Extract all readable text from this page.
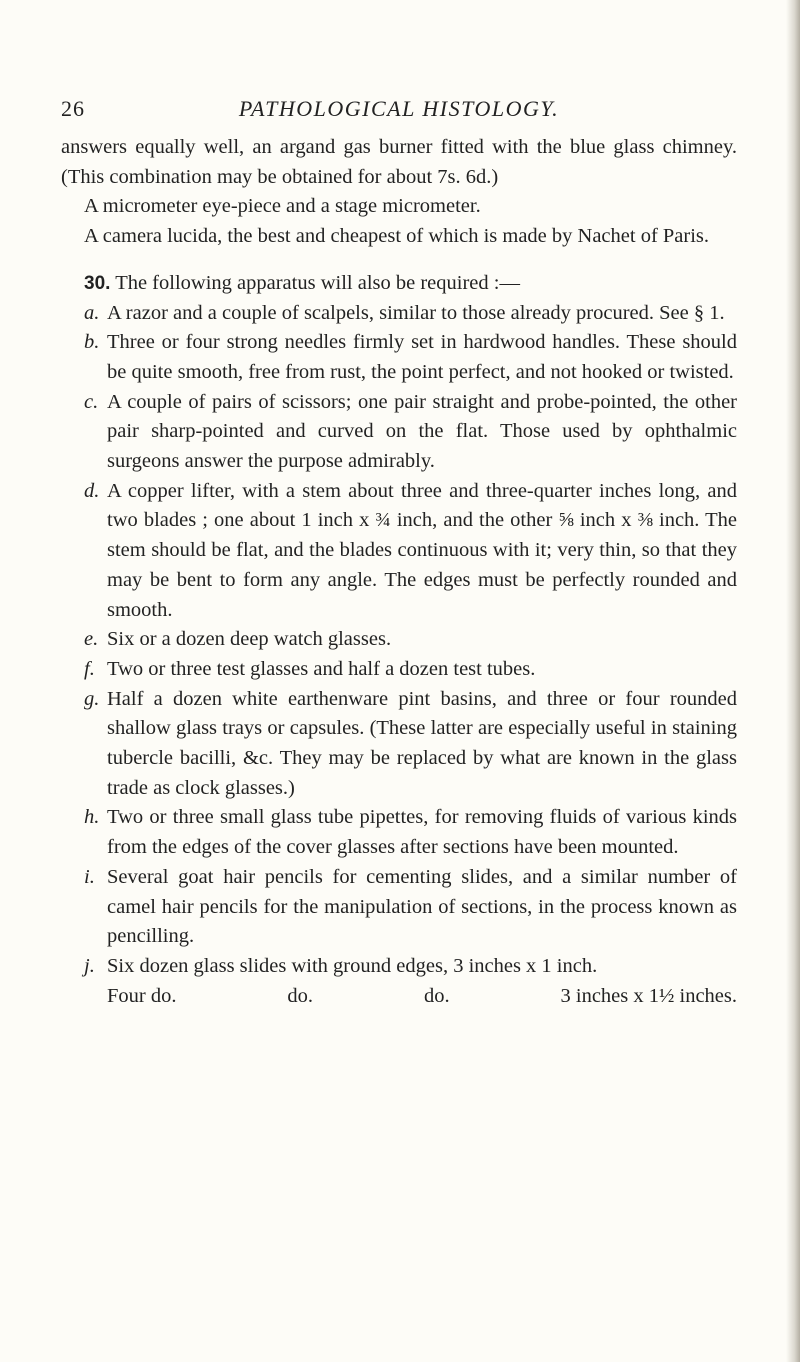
26	PATHOLOGICAL HISTOLOGY.

answers equally well, an argand gas burner fitted with the blue glass chimney. (This combination may be obtained for about 7s. 6d.)

A micrometer eye-piece and a stage micrometer.

A camera lucida, the best and cheapest of which is made by Nachet of Paris.

30. The following apparatus will also be required :—

a. A razor and a couple of scalpels, similar to those already procured. See § 1.
b. Three or four strong needles firmly set in hardwood handles. These should be quite smooth, free from rust, the point perfect, and not hooked or twisted.
c. A couple of pairs of scissors; one pair straight and probe-pointed, the other pair sharp-pointed and curved on the flat. Those used by ophthalmic surgeons answer the purpose admirably.
d. A copper lifter, with a stem about three and three-quarter inches long, and two blades ; one about 1 inch x ¾ inch, and the other ⅝ inch x ⅜ inch. The stem should be flat, and the blades continuous with it; very thin, so that they may be bent to form any angle. The edges must be perfectly rounded and smooth.
e. Six or a dozen deep watch glasses.
f. Two or three test glasses and half a dozen test tubes.
g. Half a dozen white earthenware pint basins, and three or four rounded shallow glass trays or capsules. (These latter are especially useful in staining tubercle bacilli, &c. They may be replaced by what are known in the glass trade as clock glasses.)
h. Two or three small glass tube pipettes, for removing fluids of various kinds from the edges of the cover glasses after sections have been mounted.
i. Several goat hair pencils for cementing slides, and a similar number of camel hair pencils for the manipulation of sections, in the process known as pencilling.
j. Six dozen glass slides with ground edges, 3 inches x 1 inch.
Four do.	do.	do.	3 inches x 1½ inches.
